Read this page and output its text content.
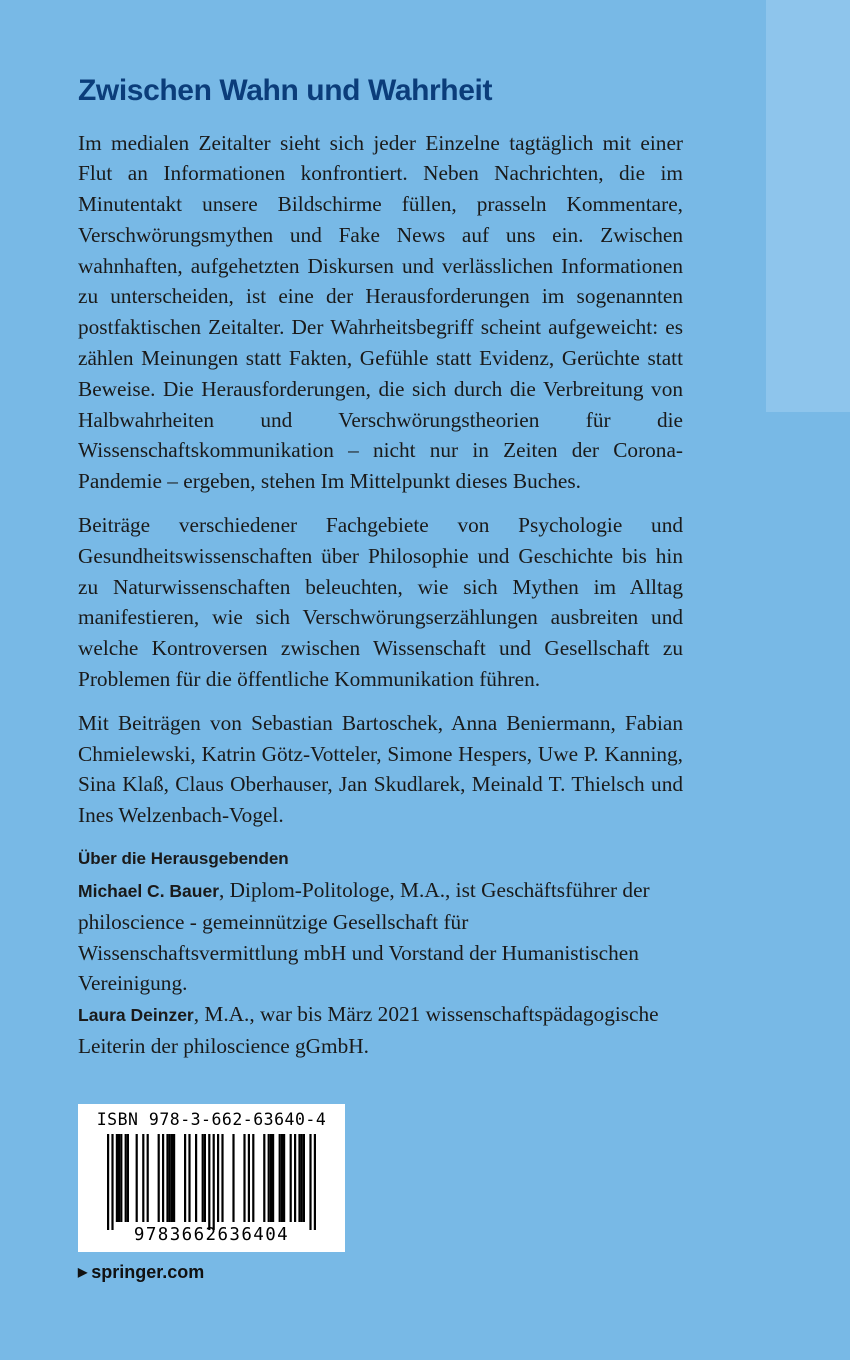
Zwischen Wahn und Wahrheit

Im medialen Zeitalter sieht sich jeder Einzelne tagtäglich mit einer Flut an Informationen konfrontiert. Neben Nachrichten, die im Minutentakt unsere Bildschirme füllen, prasseln Kommentare, Verschwörungsmythen und Fake News auf uns ein. Zwischen wahnhaften, aufgehetzten Diskursen und verlässlichen Informationen zu unterscheiden, ist eine der Herausforderungen im sogenannten postfaktischen Zeitalter. Der Wahrheitsbegriff scheint aufgeweicht: es zählen Meinungen statt Fakten, Gefühle statt Evidenz, Gerüchte statt Beweise. Die Herausforderungen, die sich durch die Verbreitung von Halbwahrheiten und Verschwörungstheorien für die Wissenschaftskommunikation – nicht nur in Zeiten der Corona-Pandemie – ergeben, stehen Im Mittelpunkt dieses Buches.

Beiträge verschiedener Fachgebiete von Psychologie und Gesundheitswissenschaften über Philosophie und Geschichte bis hin zu Naturwissenschaften beleuchten, wie sich Mythen im Alltag manifestieren, wie sich Verschwörungserzählungen ausbreiten und welche Kontroversen zwischen Wissenschaft und Gesellschaft zu Problemen für die öffentliche Kommunikation führen.

Mit Beiträgen von Sebastian Bartoschek, Anna Beniermann, Fabian Chmielewski, Katrin Götz-Votteler, Simone Hespers, Uwe P. Kanning, Sina Klaß, Claus Oberhauser, Jan Skudlarek, Meinald T. Thielsch und Ines Welzenbach-Vogel.

Über die Herausgebenden

Michael C. Bauer, Diplom-Politologe, M.A., ist Geschäftsführer der philoscience - gemeinnützige Gesellschaft für Wissenschaftsvermittlung mbH und Vorstand der Humanistischen Vereinigung.

Laura Deinzer, M.A., war bis März 2021 wissenschaftspädagogische Leiterin der philoscience gGmbH.

ISBN 978-3-662-63640-4
9783662636404
▶ springer.com
